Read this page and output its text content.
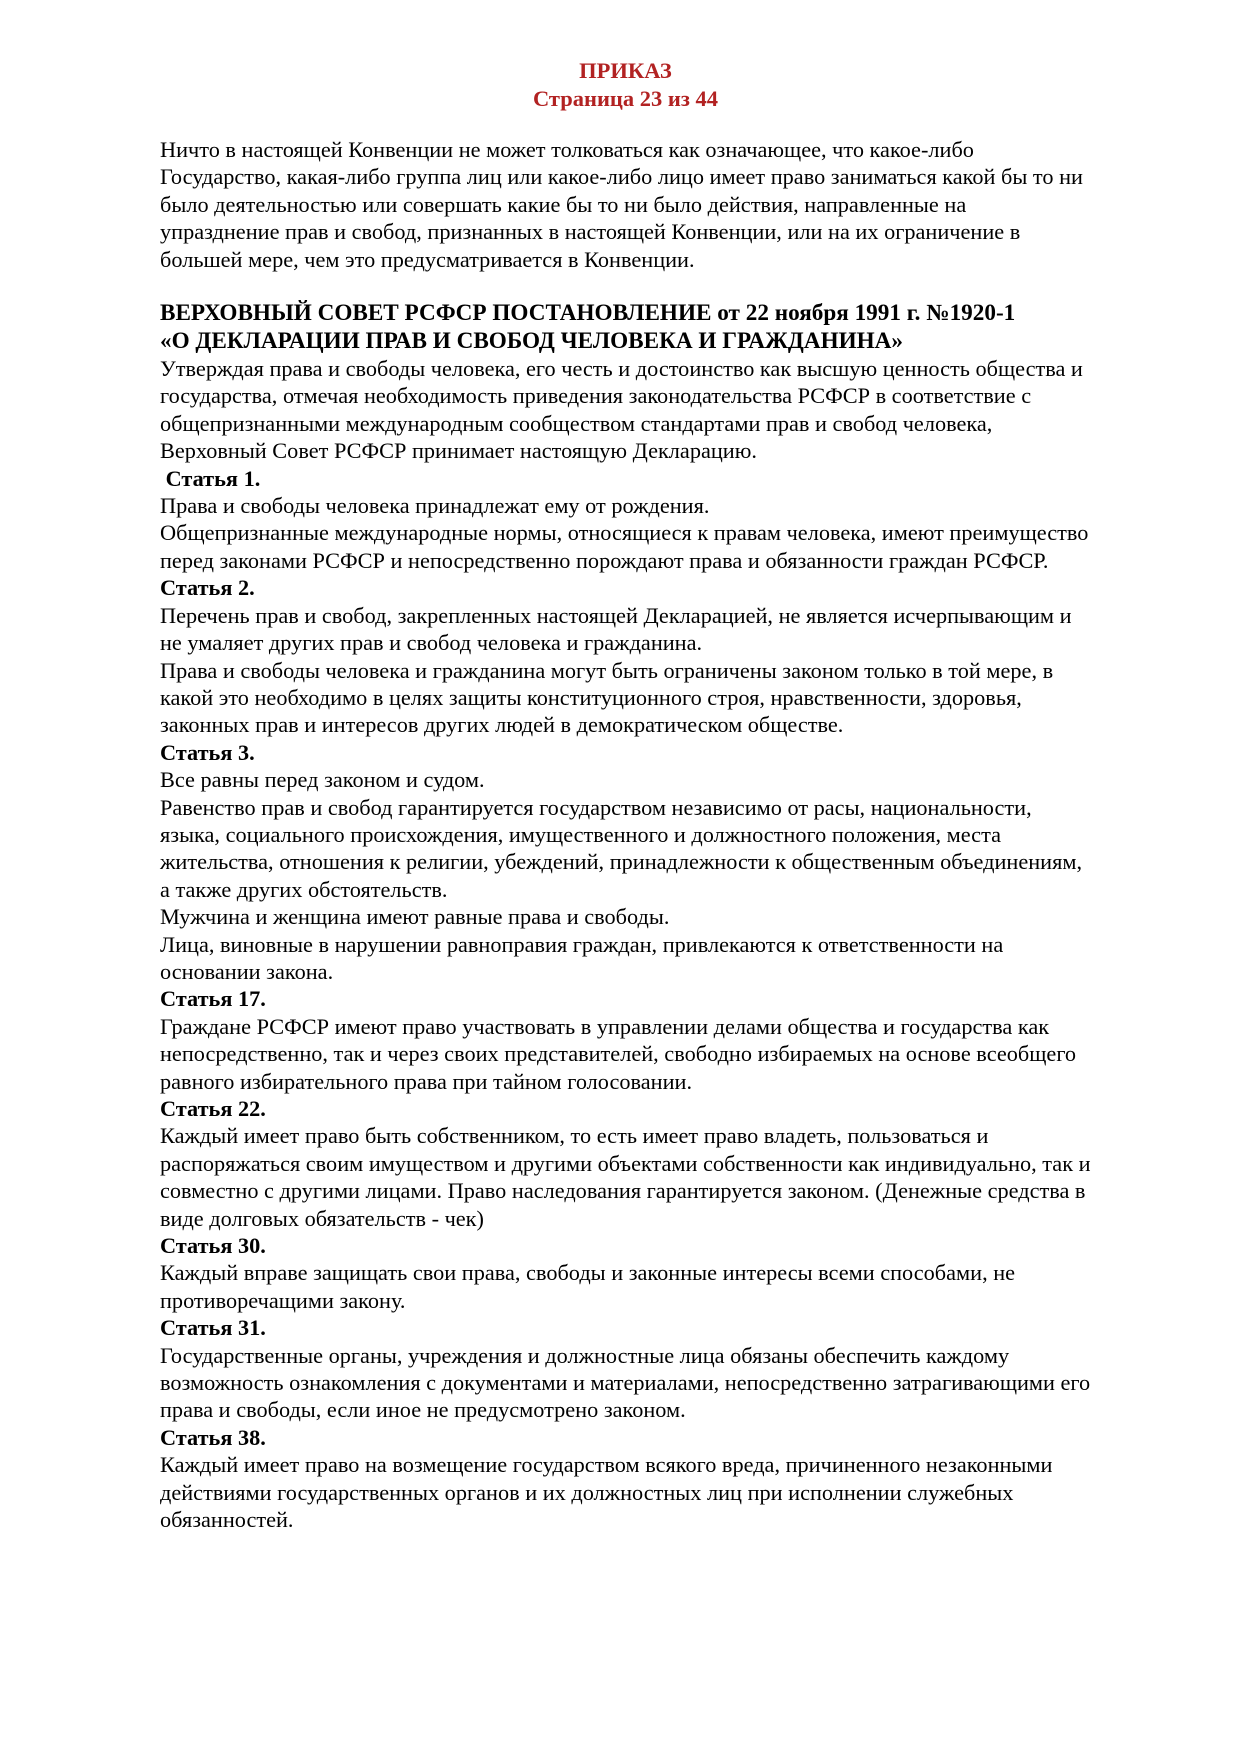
ПРИКАЗ
Страница 23 из 44

Ничто в настоящей Конвенции не может толковаться как означающее, что какое-либо Государство, какая-либо группа лиц или какое-либо лицо имеет право заниматься какой бы то ни было деятельностью или совершать какие бы то ни было действия, направленные на упразднение прав и свобод, признанных в настоящей Конвенции, или на их ограничение в большей мере, чем это предусматривается в Конвенции.

ВЕРХОВНЫЙ СОВЕТ РСФСР ПОСТАНОВЛЕНИЕ от 22 ноября 1991 г. №1920-1
«О ДЕКЛАРАЦИИ ПРАВ И СВОБОД ЧЕЛОВЕКА И ГРАЖДАНИНА»

Утверждая права и свободы человека, его честь и достоинство как высшую ценность общества и государства, отмечая необходимость приведения законодательства РСФСР в соответствие с общепризнанными международным сообществом стандартами прав и свобод человека, Верховный Совет РСФСР принимает настоящую Декларацию.

Статья 1.

Права и свободы человека принадлежат ему от рождения.

Общепризнанные международные нормы, относящиеся к правам человека, имеют преимущество перед законами РСФСР и непосредственно порождают права и обязанности граждан РСФСР.

Статья 2.

Перечень прав и свобод, закрепленных настоящей Декларацией, не является исчерпывающим и не умаляет других прав и свобод человека и гражданина.

Права и свободы человека и гражданина могут быть ограничены законом только в той мере, в какой это необходимо в целях защиты конституционного строя, нравственности, здоровья, законных прав и интересов других людей в демократическом обществе.

Статья 3.

Все равны перед законом и судом.

Равенство прав и свобод гарантируется государством независимо от расы, национальности, языка, социального происхождения, имущественного и должностного положения, места жительства, отношения к религии, убеждений, принадлежности к общественным объединениям, а также других обстоятельств.

Мужчина и женщина имеют равные права и свободы.

Лица, виновные в нарушении равноправия граждан, привлекаются к ответственности на основании закона.

Статья 17.

Граждане РСФСР имеют право участвовать в управлении делами общества и государства как непосредственно, так и через своих представителей, свободно избираемых на основе всеобщего равного избирательного права при тайном голосовании.

Статья 22.

Каждый имеет право быть собственником, то есть имеет право владеть, пользоваться и распоряжаться своим имуществом и другими объектами собственности как индивидуально, так и совместно с другими лицами. Право наследования гарантируется законом. (Денежные средства в виде долговых обязательств - чек)

Статья 30.

Каждый вправе защищать свои права, свободы и законные интересы всеми способами, не противоречащими закону.

Статья 31.

Государственные органы, учреждения и должностные лица обязаны обеспечить каждому возможность ознакомления с документами и материалами, непосредственно затрагивающими его права и свободы, если иное не предусмотрено законом.

Статья 38.

Каждый имеет право на возмещение государством всякого вреда, причиненного незаконными действиями государственных органов и их должностных лиц при исполнении служебных обязанностей.
